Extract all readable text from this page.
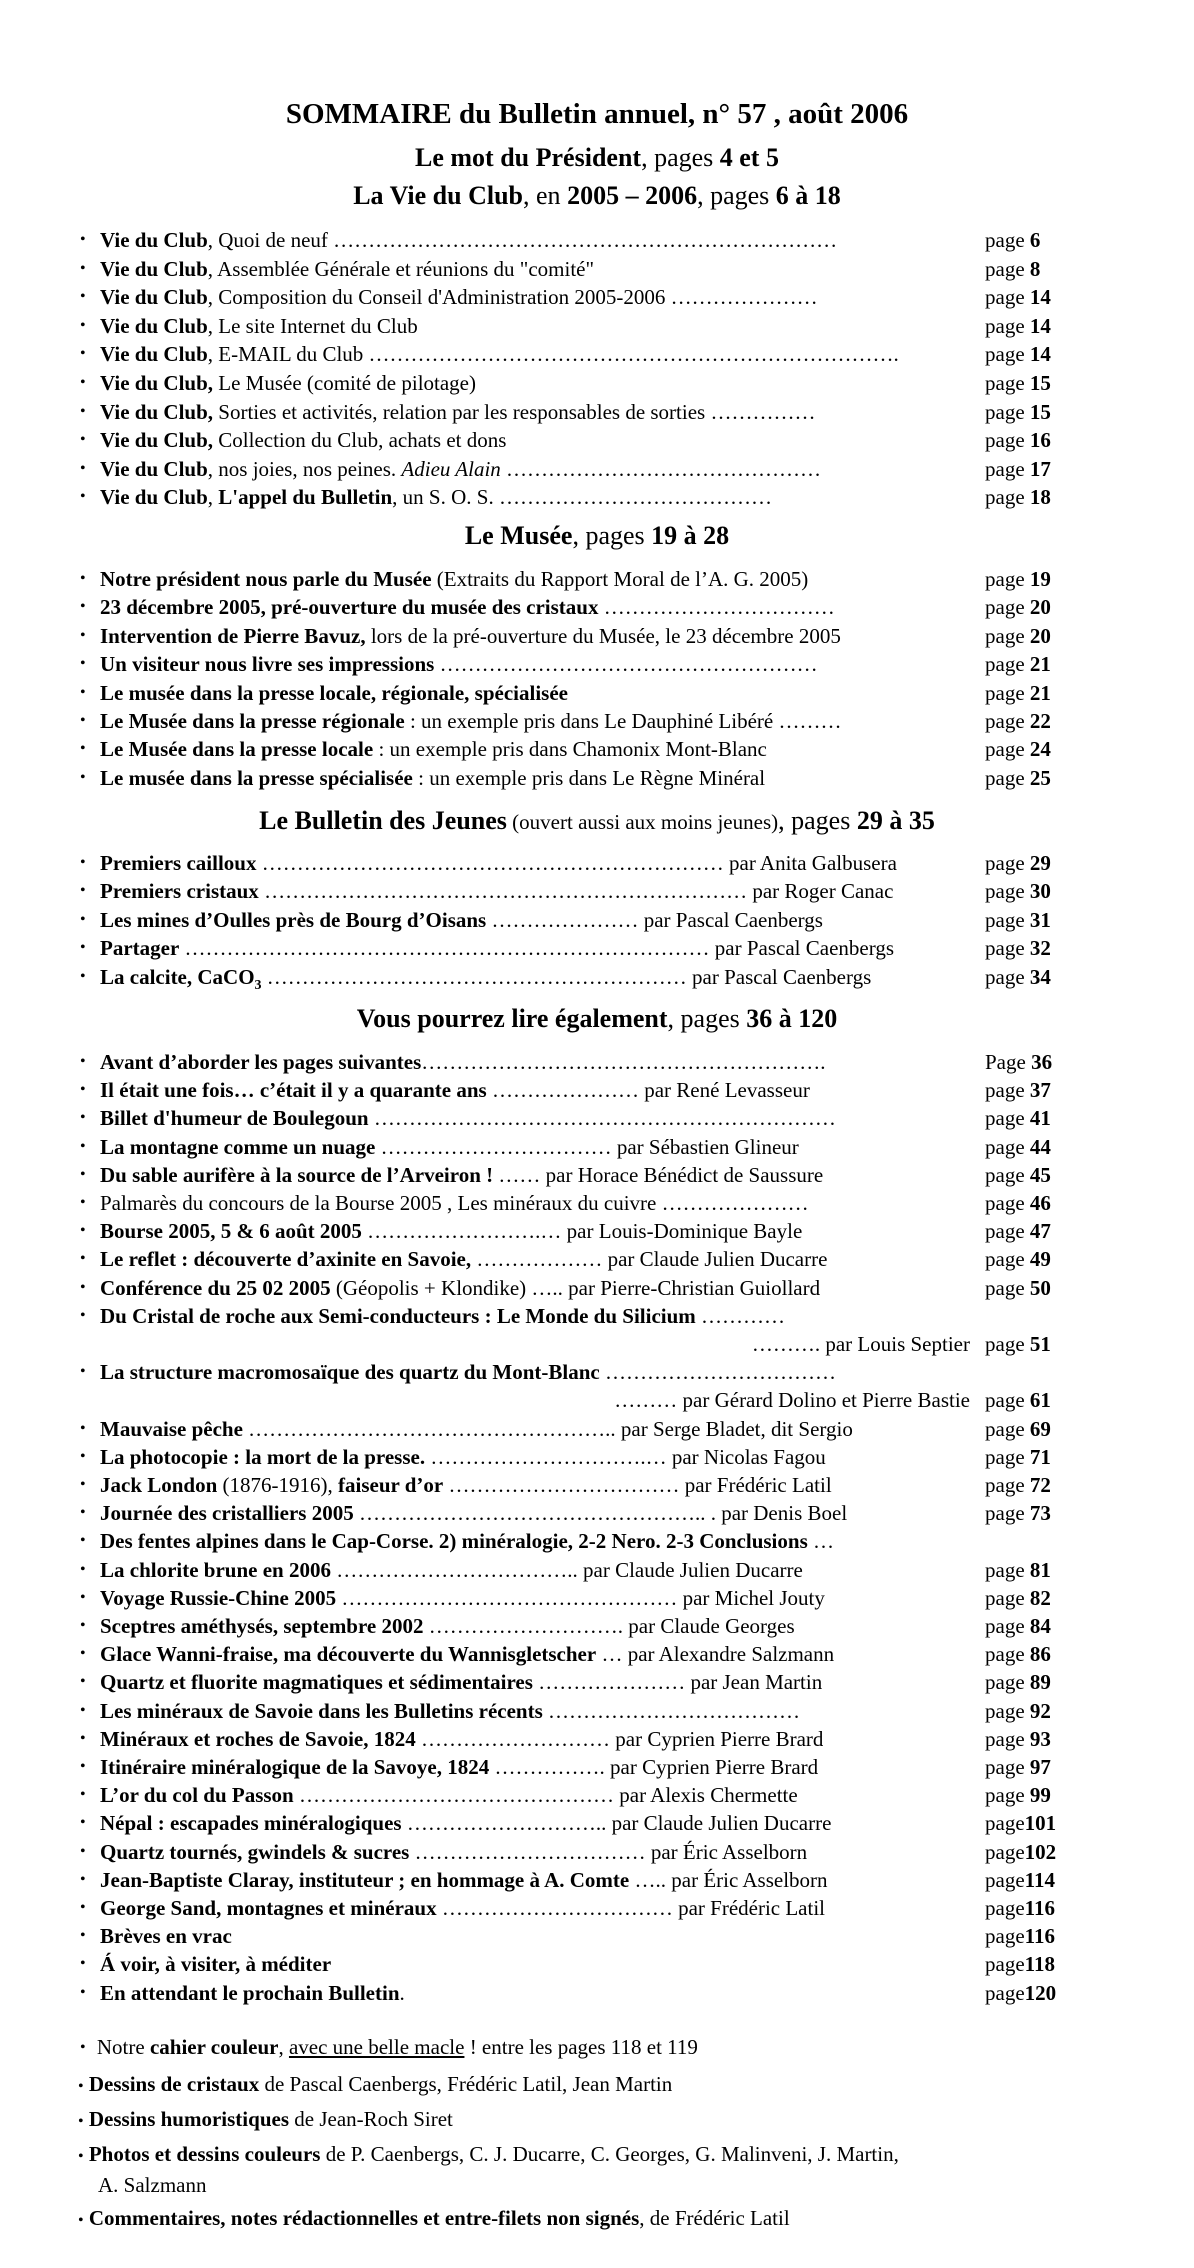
SOMMAIRE du Bulletin annuel, n° 57 , août 2006
Le mot du Président, pages 4 et 5
La Vie du Club, en 2005 – 2006, pages 6 à 18
• Vie du Club, Quoi de neuf ………………………………………………………………	page 6
• Vie du Club, Assemblée Générale et réunions du "comité"	page 8
• Vie du Club, Composition du Conseil d'Administration 2005-2006 …………………	page 14
• Vie du Club, Le site Internet du Club	page 14
• Vie du Club, E-MAIL du Club ………………………………………………………………….	page 14
• Vie du Club, Le Musée (comité de pilotage)	page 15
• Vie du Club, Sorties et activités, relation par les responsables de sorties ……………	page 15
• Vie du Club, Collection du Club, achats et dons	page 16
• Vie du Club, nos joies, nos peines. Adieu Alain ………………………………………	page 17
• Vie du Club, L'appel du Bulletin, un S. O. S. …………………………………	page 18
Le Musée, pages 19 à 28
• Notre président nous parle du Musée (Extraits du Rapport Moral de l’A. G. 2005)	page 19
• 23 décembre 2005, pré-ouverture du musée des cristaux ……………………………	page 20
• Intervention de Pierre Bavuz, lors de la pré-ouverture du Musée, le 23 décembre 2005	page 20
• Un visiteur nous livre ses impressions ………………………………………………	page 21
• Le musée dans la presse locale, régionale, spécialisée	page 21
• Le Musée dans la presse régionale : un exemple pris dans Le Dauphiné Libéré ………	page 22
• Le Musée dans la presse locale : un exemple pris dans Chamonix Mont-Blanc	page 24
• Le musée dans la presse spécialisée : un exemple pris dans Le Règne Minéral	page 25
Le Bulletin des Jeunes (ouvert aussi aux moins jeunes), pages 29 à 35
• Premiers cailloux ………………………………………………………… par Anita Galbusera	page 29
• Premiers cristaux …………………………………………………………… par Roger Canac	page 30
• Les mines d’Oulles près de Bourg d’Oisans ………………… par Pascal Caenbergs	page 31
• Partager ………………………………………………………………… par Pascal Caenbergs	page 32
• La calcite, CaCO$_3$ …………………………………………………… par Pascal Caenbergs	page 34
Vous pourrez lire également, pages 36 à 120
• Avant d’aborder les pages suivantes………………………………………………….	Page 36
• Il était une fois… c’était il y a quarante ans ………………… par René Levasseur	page 37
• Billet d'humeur de Boulegoun …………………………………………………………	page 41
• La montagne comme un nuage …………………………… par Sébastien Glineur	page 44
• Du sable aurifère à la source de l’Arveiron ! …… par Horace Bénédict de Saussure	page 45
• Palmarès du concours de la Bourse 2005 , Les minéraux du cuivre …………………	page 46
• Bourse 2005, 5 & 6 août 2005 …………………….… par Louis-Dominique Bayle	page 47
• Le reflet : découverte d’axinite en Savoie, ……………… par Claude Julien Ducarre	page 49
• Conférence du 25 02 2005 (Géopolis + Klondike) ….. par Pierre-Christian Guiollard	page 50
• Du Cristal de roche aux Semi-conducteurs : Le Monde du Silicium …………
………. par Louis Septier page 51
• La structure macromosaïque des quartz du Mont-Blanc ……………………………
……… par Gérard Dolino et Pierre Bastie page 61
• Mauvaise pêche …………………………………………….. par Serge Bladet, dit Sergio	page 69
• La photocopie : la mort de la presse. ………………………….… par Nicolas Fagou	page 71
• Jack London (1876-1916), faiseur d’or …………………………… par Frédéric Latil	page 72
• Journée des cristalliers 2005 ………………………………………….. . par Denis Boel	page 73
• Des fentes alpines dans le Cap-Corse. 2) minéralogie, 2-2 Nero. 2-3 Conclusions …
• La chlorite brune en 2006 …………………………….. par Claude Julien Ducarre	page 81
• Voyage Russie-Chine 2005 ………………………………………… par Michel Jouty	page 82
• Sceptres améthysés, septembre 2002 ………………………. par Claude Georges	page 84
• Glace Wanni-fraise, ma découverte du Wannisgletscher … par Alexandre Salzmann	page 86
• Quartz et fluorite magmatiques et sédimentaires ………………… par Jean Martin	page 89
• Les minéraux de Savoie dans les Bulletins récents ………………………………	page 92
• Minéraux et roches de Savoie, 1824 ……………………… par Cyprien Pierre Brard	page 93
• Itinéraire minéralogique de la Savoye, 1824 ……………. par Cyprien Pierre Brard	page 97
• L’or du col du Passon ……………………………………… par Alexis Chermette	page 99
• Népal : escapades minéralogiques ……………………….. par Claude Julien Ducarre	page101
• Quartz tournés, gwindels & sucres …………………………… par Éric Asselborn	page102
• Jean-Baptiste Claray, instituteur ; en hommage à A. Comte ….. par Éric Asselborn	page114
• George Sand, montagnes et minéraux …………………………… par Frédéric Latil	page116
• Brèves en vrac	page116
• Á voir, à visiter, à méditer	page118
• En attendant le prochain Bulletin.	page120
• Notre cahier couleur, avec une belle macle ! entre les pages 118 et 119
• Dessins de cristaux de Pascal Caenbergs, Frédéric Latil, Jean Martin
• Dessins humoristiques de Jean-Roch Siret
• Photos et dessins couleurs de P. Caenbergs, C. J. Ducarre, C. Georges, G. Malinveni, J. Martin,
A. Salzmann
• Commentaires, notes rédactionnelles et entre-filets non signés, de Frédéric Latil
